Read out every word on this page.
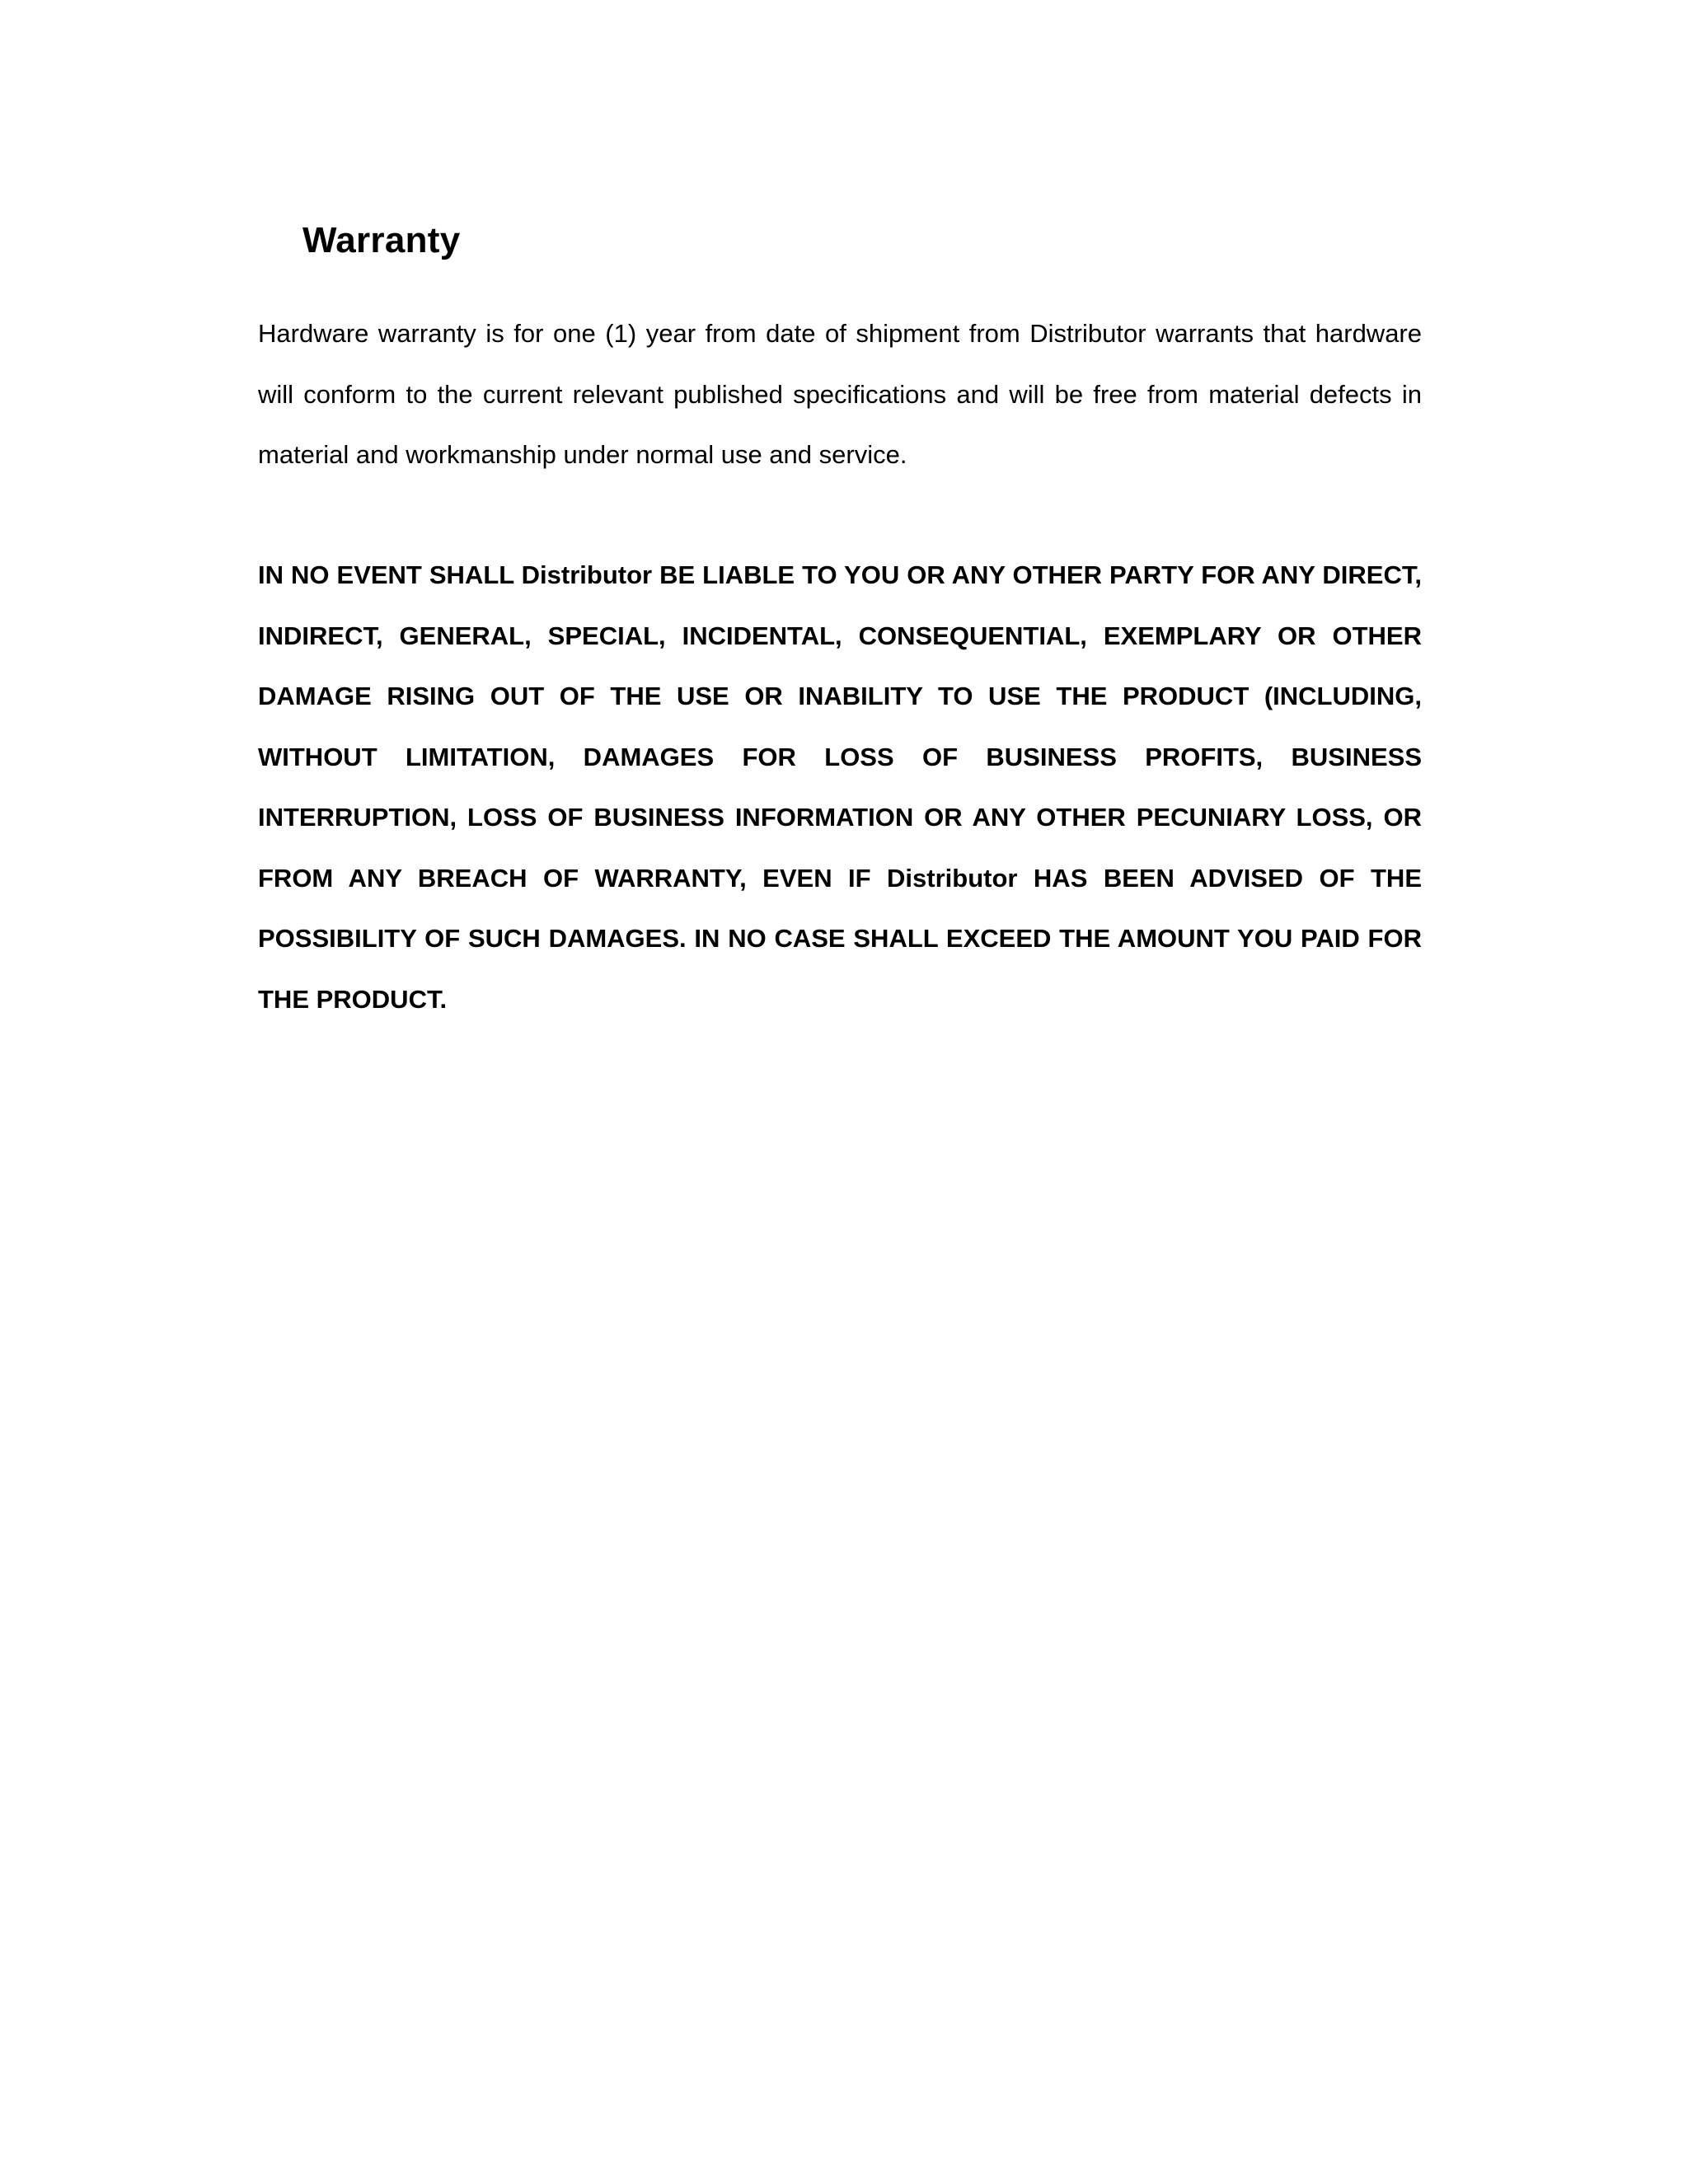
Warranty

Hardware warranty is for one (1) year from date of shipment from Distributor warrants that hardware will conform to the current relevant published specifications and will be free from material defects in material and workmanship under normal use and service.

IN NO EVENT SHALL Distributor BE LIABLE TO YOU OR ANY OTHER PARTY FOR ANY DIRECT, INDIRECT, GENERAL, SPECIAL, INCIDENTAL, CONSEQUENTIAL, EXEMPLARY OR OTHER DAMAGE RISING OUT OF THE USE OR INABILITY TO USE THE PRODUCT (INCLUDING, WITHOUT LIMITATION, DAMAGES FOR LOSS OF BUSINESS PROFITS, BUSINESS INTERRUPTION, LOSS OF BUSINESS INFORMATION OR ANY OTHER PECUNIARY LOSS, OR FROM ANY BREACH OF WARRANTY, EVEN IF Distributor HAS BEEN ADVISED OF THE POSSIBILITY OF SUCH DAMAGES. IN NO CASE SHALL EXCEED THE AMOUNT YOU PAID FOR THE PRODUCT.
